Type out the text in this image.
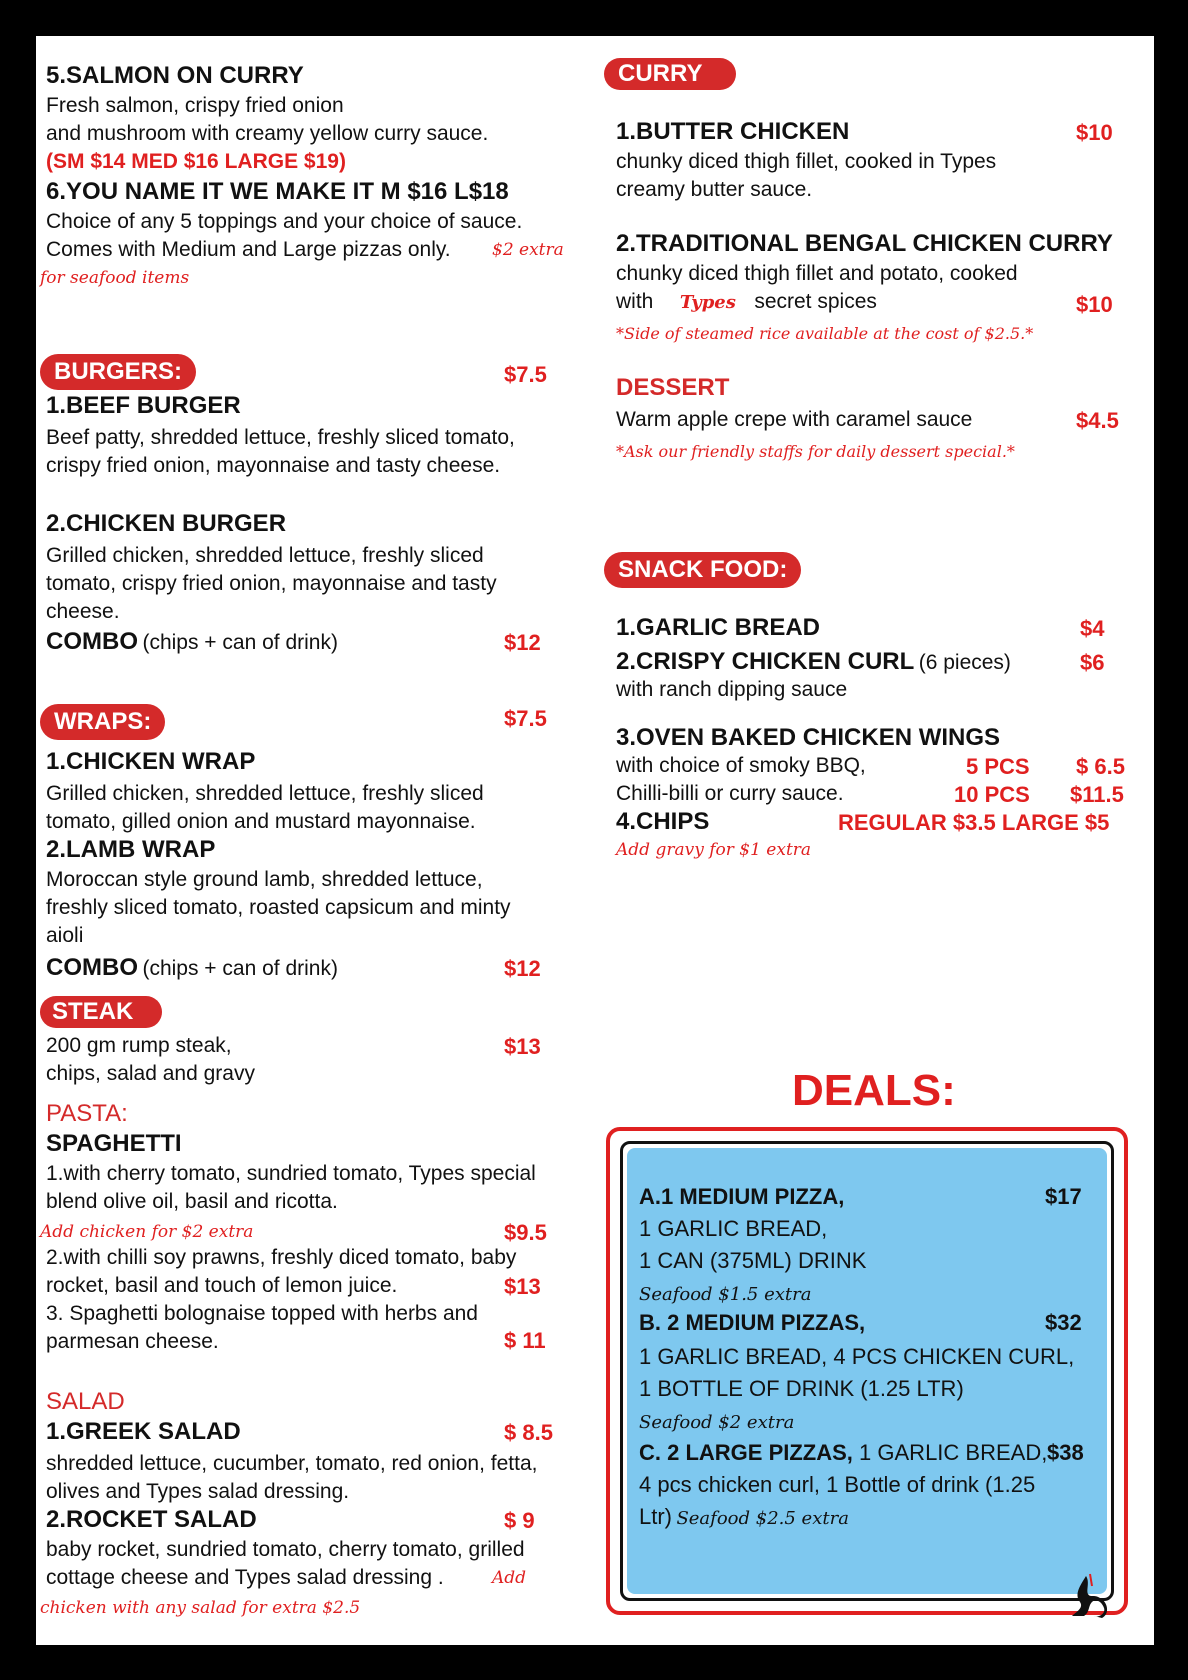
5.SALMON ON CURRY
Fresh salmon, crispy fried onion
and mushroom with creamy yellow curry sauce.
(SM $14 MED $16 LARGE $19)
6.YOU NAME IT WE MAKE IT M $16 L$18
Choice of any 5 toppings and your choice of sauce.
Comes with Medium and Large pizzas only. $2 extra
for seafood items
BURGERS:	$7.5
1.BEEF BURGER
Beef patty, shredded lettuce, freshly sliced tomato,
crispy fried onion, mayonnaise and tasty cheese.
2.CHICKEN BURGER
Grilled chicken, shredded lettuce, freshly sliced
tomato, crispy fried onion, mayonnaise and tasty
cheese.
COMBO (chips + can of drink)	$12
WRAPS:	$7.5
1.CHICKEN WRAP
Grilled chicken, shredded lettuce, freshly sliced
tomato, gilled onion and mustard mayonnaise.
2.LAMB WRAP
Moroccan style ground lamb, shredded lettuce,
freshly sliced tomato, roasted capsicum and minty
aioli
COMBO (chips + can of drink)	$12
STEAK
200 gm rump steak,	$13
chips, salad and gravy
PASTA:
SPAGHETTI
1.with cherry tomato, sundried tomato, Types special
blend olive oil, basil and ricotta.
Add chicken for $2 extra	$9.5
2.with chilli soy prawns, freshly diced tomato, baby
rocket, basil and touch of lemon juice.	$13
3. Spaghetti bolognaise topped with herbs and
parmesan cheese.	$ 11
SALAD
1.GREEK SALAD	$ 8.5
shredded lettuce, cucumber, tomato, red onion, fetta,
olives and Types salad dressing.
2.ROCKET SALAD	$ 9
baby rocket, sundried tomato, cherry tomato, grilled
cottage cheese and Types salad dressing .	Add
chicken with any salad for extra $2.5
CURRY
1.BUTTER CHICKEN	$10
chunky diced thigh fillet, cooked in Types
creamy butter sauce.
2.TRADITIONAL BENGAL CHICKEN CURRY
chunky diced thigh fillet and potato, cooked
with Types secret spices	$10
*Side of steamed rice available at the cost of $2.5.*
DESSERT
Warm apple crepe with caramel sauce	$4.5
*Ask our friendly staffs for daily dessert special.*
SNACK FOOD:
1.GARLIC BREAD	$4
2.CRISPY CHICKEN CURL (6 pieces)	$6
with ranch dipping sauce
3.OVEN BAKED CHICKEN WINGS
with choice of smoky BBQ,	5 PCS $ 6.5
Chilli-billi or curry sauce.	10 PCS $11.5
4.CHIPS	REGULAR $3.5 LARGE $5
Add gravy for $1 extra
DEALS:
A.1 MEDIUM PIZZA,	$17
1 GARLIC BREAD,
1 CAN (375ML) DRINK
Seafood $1.5 extra
B. 2 MEDIUM PIZZAS,	$32
1 GARLIC BREAD, 4 PCS CHICKEN CURL,
1 BOTTLE OF DRINK (1.25 LTR)
Seafood $2 extra
C. 2 LARGE PIZZAS, 1 GARLIC BREAD, $38
4 pcs chicken curl, 1 Bottle of drink (1.25
Ltr) Seafood $2.5 extra
